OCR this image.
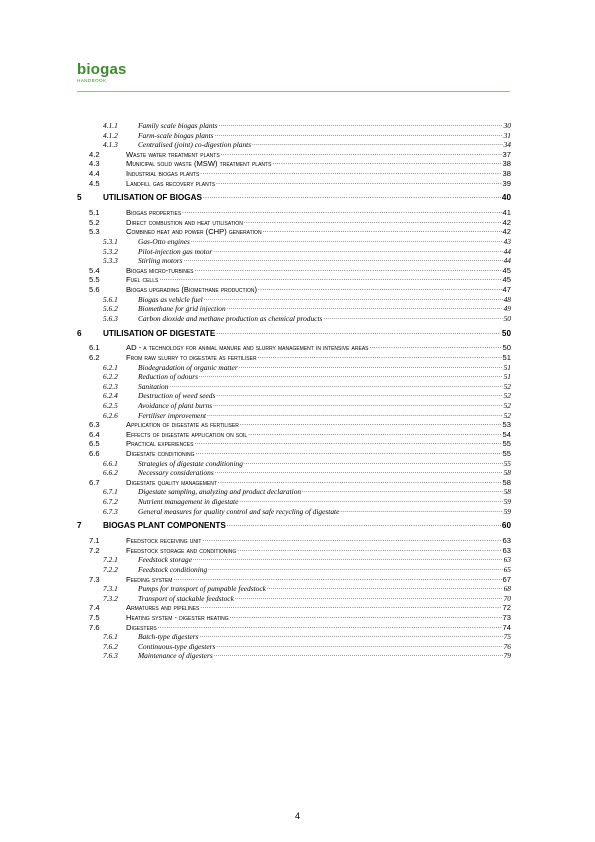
biogas
HANDBOOK
4.1.1	Family scale biogas plants .....	30
4.1.2	Farm-scale biogas plants .....	31
4.1.3	Centralised (joint) co-digestion plants .....	34
4.2	Waste water treatment plants .....	37
4.3	Municipal solid waste (MSW) treatment plants .....	38
4.4	Industrial biogas plants .....	38
4.5	Landfill gas recovery plants .....	39
5	UTILISATION OF BIOGAS .....	40
5.1	Biogas properties .....	41
5.2	Direct combustion and heat utilisation .....	42
5.3	Combined heat and power (CHP) generation .....	42
5.3.1	Gas-Otto engines .....	43
5.3.2	Pilot-injection gas motor .....	44
5.3.3	Stirling motors .....	44
5.4	Biogas micro-turbines .....	45
5.5	Fuel cells .....	45
5.6	Biogas upgrading (Biomethane production) .....	47
5.6.1	Biogas as vehicle fuel .....	48
5.6.2	Biomethane for grid injection .....	49
5.6.3	Carbon dioxide and methane production as chemical products .....	50
6	UTILISATION OF DIGESTATE .....	50
6.1	AD - a technology for animal manure and slurry management in intensive areas .....	50
6.2	From raw slurry to digestate as fertiliser .....	51
6.2.1	Biodegradation of organic matter .....	51
6.2.2	Reduction of odours .....	51
6.2.3	Sanitation .....	52
6.2.4	Destruction of weed seeds .....	52
6.2.5	Avoidance of plant burns .....	52
6.2.6	Fertiliser improvement .....	52
6.3	Application of digestate as fertiliser .....	53
6.4	Effects of digestate application on soil .....	54
6.5	Practical experiences .....	55
6.6	Digestate conditioning .....	55
6.6.1	Strategies of digestate conditioning .....	55
6.6.2	Necessary considerations .....	58
6.7	Digestate quality management .....	58
6.7.1	Digestate sampling, analyzing and product declaration .....	58
6.7.2	Nutrient management in digestate .....	59
6.7.3	General measures for quality control and safe recycling of digestate .....	59
7	BIOGAS PLANT COMPONENTS .....	60
7.1	Feedstock receiving unit .....	63
7.2	Feedstock storage and conditioning .....	63
7.2.1	Feedstock storage .....	63
7.2.2	Feedstock conditioning .....	65
7.3	Feeding system .....	67
7.3.1	Pumps for transport of pumpable feedstock .....	68
7.3.2	Transport of stackable feedstock .....	70
7.4	Armatures and pipelines .....	72
7.5	Heating system - digester heating .....	73
7.6	Digesters .....	74
7.6.1	Batch-type digesters .....	75
7.6.2	Continuous-type digesters .....	76
7.6.3	Maintenance of digesters .....	79
4
